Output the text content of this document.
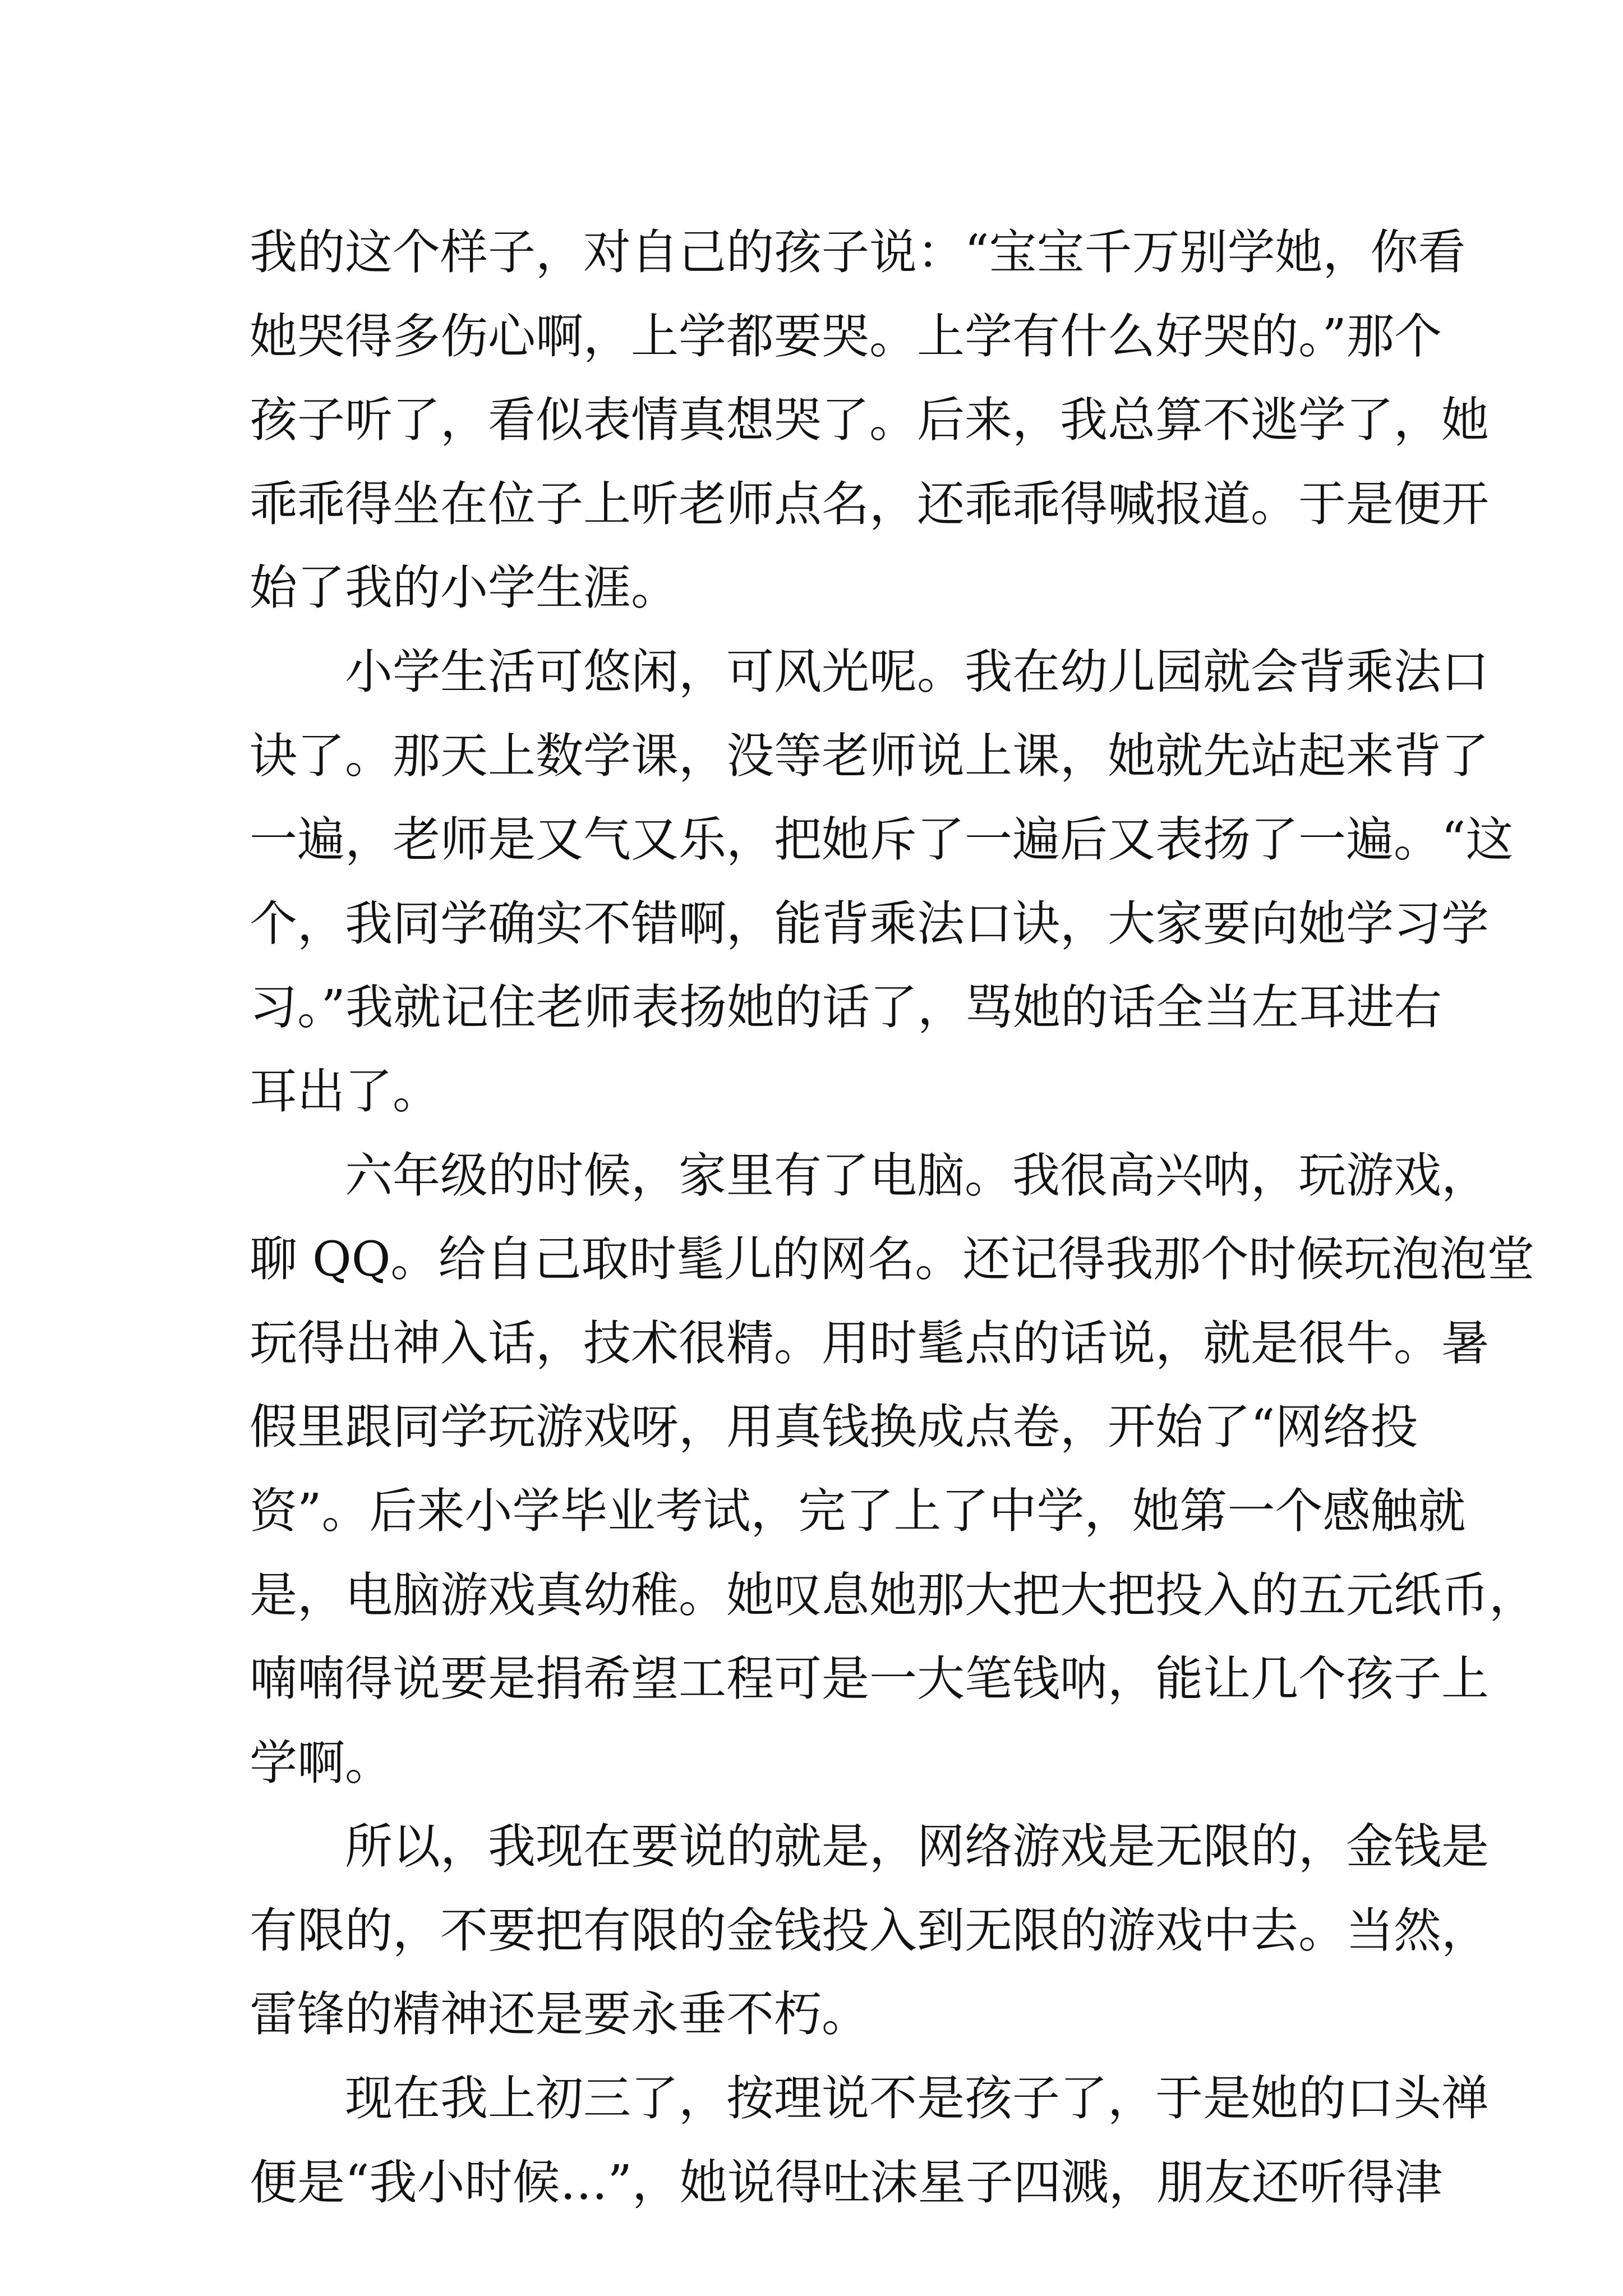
我的这个样子，对自己的孩子说：“宝宝千万别学她，你看
她哭得多伤心啊，上学都要哭。上学有什么好哭的。”那个
孩子听了，看似表情真想哭了。后来，我总算不逃学了，她
乖乖得坐在位子上听老师点名，还乖乖得喊报道。于是便开
始了我的小学生涯。
小学生活可悠闲，可风光呢。我在幼儿园就会背乘法口
诀了。那天上数学课，没等老师说上课，她就先站起来背了
一遍，老师是又气又乐，把她斥了一遍后又表扬了一遍。“这
个，我同学确实不错啊，能背乘法口诀，大家要向她学习学
习。”我就记住老师表扬她的话了，骂她的话全当左耳进右
耳出了。
六年级的时候，家里有了电脑。我很高兴呐，玩游戏，
聊 QQ。给自己取时髦儿的网名。还记得我那个时候玩泡泡堂
玩得出神入话，技术很精。用时髦点的话说，就是很牛。暑
假里跟同学玩游戏呀，用真钱换成点卷，开始了“网络投
资”。后来小学毕业考试，完了上了中学，她第一个感触就
是，电脑游戏真幼稚。她叹息她那大把大把投入的五元纸币，
喃喃得说要是捐希望工程可是一大笔钱呐，能让几个孩子上
学啊。
所以，我现在要说的就是，网络游戏是无限的，金钱是
有限的，不要把有限的金钱投入到无限的游戏中去。当然，
雷锋的精神还是要永垂不朽。
现在我上初三了，按理说不是孩子了，于是她的口头禅
便是“我小时候…”，她说得吐沫星子四溅，朋友还听得津
